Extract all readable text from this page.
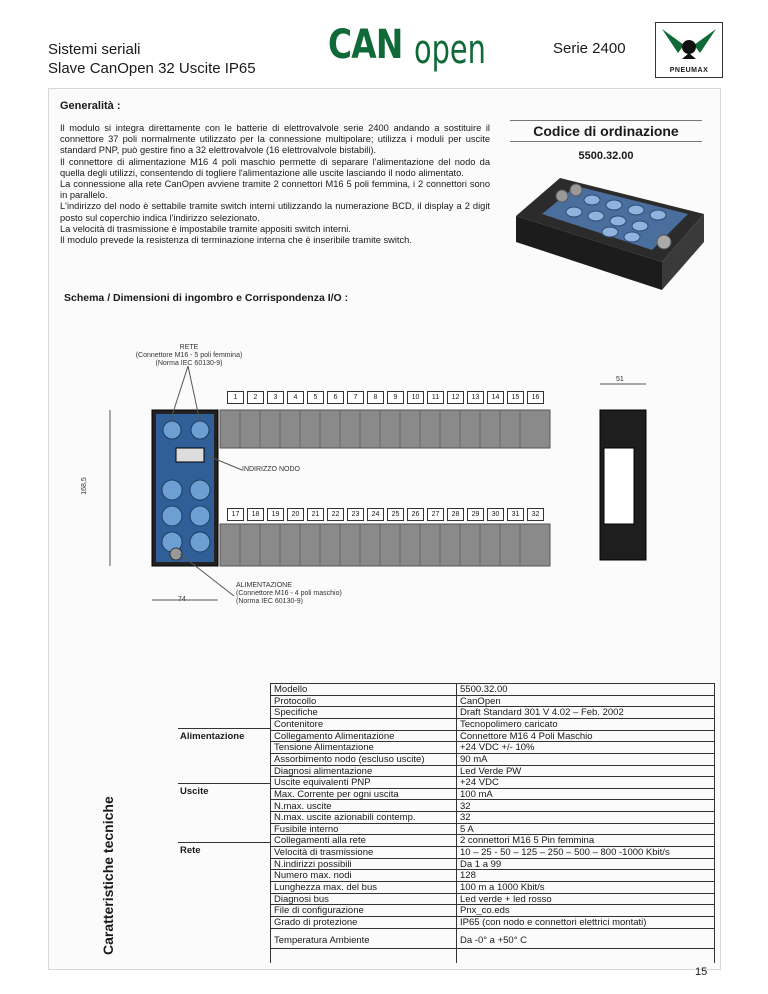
Sistemi seriali
Slave CanOpen 32 Uscite IP65
CAN open	Serie 2400
PNEUMAX
Generalità :

Il modulo si integra direttamente con le batterie di elettrovalvole serie 2400 andando a sostituire il connettore 37 poli normalmente utilizzato per la connessione multipolare; utilizza i moduli per uscite standard PNP, può gestire fino a 32 elettrovalvole (16 elettrovalvole bistabili).

Il connettore di alimentazione M16 4 poli maschio permette di separare l'alimentazione del nodo da quella degli utilizzi, consentendo di togliere l'alimentazione alle uscite lasciando il nodo alimentato.

La connessione alla rete CanOpen avviene tramite 2 connettori M16 5 poli femmina, i 2 connettori sono in parallelo.

L'indirizzo del nodo è settabile tramite switch interni utilizzando la numerazione BCD, il display a 2 digit posto sul coperchio indica l'indirizzo selezionato.

La velocità di trasmissione è impostabile tramite appositi switch interni.

Il modulo prevede la resistenza di terminazione interna che è inseribile tramite switch.

Codice di ordinazione
5500.32.00
Schema / Dimensioni di ingombro e Corrispondenza I/O :
1	2	3	4	5	6	7	8	9	10	11	12	13	14	15	16
17	18	19	20	21	22	23	24	25	26	27	28	29	30	31	32
RETE
(Connettore M16 - 5 poli femmina)
(Norma IEC 60130-9)
INDIRIZZO NODO
ALIMENTAZIONE
(Connettore M16 - 4 poli maschio)
(Norma IEC 60130-9)
168,5
74
51
Caratteristiche tecniche
Alimentazione
Uscite
Rete
Modello	5500.32.00
Protocollo	CanOpen
Specifiche	Draft Standard 301 V 4.02 – Feb. 2002
Contenitore	Tecnopolimero caricato
Collegamento Alimentazione	Connettore M16 4 Poli Maschio
Tensione Alimentazione	+24 VDC +/- 10%
Assorbimento nodo (escluso uscite)	90 mA
Diagnosi alimentazione	Led Verde PW
Uscite equivalenti PNP	+24 VDC
Max. Corrente per ogni uscita	100 mA
N.max. uscite	32
N.max. uscite azionabili contemp.	32
Fusibile interno	5 A
Collegamenti alla rete	2 connettori M16 5 Pin femmina
Velocità di trasmissione	10 – 25 - 50 – 125 – 250 – 500 – 800 -1000 Kbit/s
N.indirizzi possibili	Da 1 a 99
Numero max. nodi	128
Lunghezza max. del bus	100 m a 1000 Kbit/s
Diagnosi bus	Led verde + led rosso
File di configurazione	Pnx_co.eds
Grado di protezione	IP65 (con nodo e connettori elettrici montati)
Temperatura Ambiente	Da -0° a +50° C
15
